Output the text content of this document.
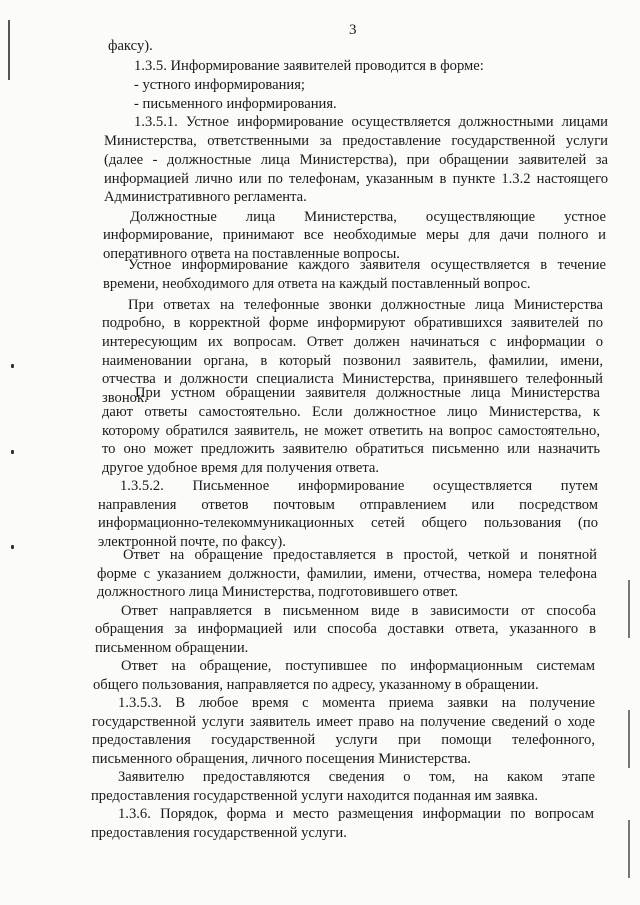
3
факсу).
1.3.5. Информирование заявителей проводится в форме:
- устного информирования;
- письменного информирования.
1.3.5.1. Устное информирование осуществляется должностными лицами
Министерства, ответственными за предоставление государственной услуги
(далее - должностные лица Министерства), при обращении заявителей за
информацией лично или по телефонам, указанным в пункте 1.3.2 настоящего
Административного регламента.
Должностные лица Министерства, осуществляющие устное
информирование, принимают все необходимые меры для дачи полного и
оперативного ответа на поставленные вопросы.
Устное информирование каждого заявителя осуществляется в течение
времени, необходимого для ответа на каждый поставленный вопрос.
При ответах на телефонные звонки должностные лица Министерства
подробно, в корректной форме информируют обратившихся заявителей по
интересующим их вопросам. Ответ должен начинаться с информации о
наименовании органа, в который позвонил заявитель, фамилии, имени,
отчества и должности специалиста Министерства, принявшего телефонный
звонок.
При устном обращении заявителя должностные лица Министерства
дают ответы самостоятельно. Если должностное лицо Министерства, к
которому обратился заявитель, не может ответить на вопрос самостоятельно,
то оно может предложить заявителю обратиться письменно или назначить
другое удобное время для получения ответа.
1.3.5.2. Письменное информирование осуществляется путем
направления ответов почтовым отправлением или посредством
информационно-телекоммуникационных сетей общего пользования (по
электронной почте, по факсу).
Ответ на обращение предоставляется в простой, четкой и понятной
форме с указанием должности, фамилии, имени, отчества, номера телефона
должностного лица Министерства, подготовившего ответ.
Ответ направляется в письменном виде в зависимости от способа
обращения за информацией или способа доставки ответа, указанного в
письменном обращении.
Ответ на обращение, поступившее по информационным системам
общего пользования, направляется по адресу, указанному в обращении.
1.3.5.3. В любое время с момента приема заявки на получение
государственной услуги заявитель имеет право на получение сведений о ходе
предоставления государственной услуги при помощи телефонного,
письменного обращения, личного посещения Министерства.
Заявителю предоставляются сведения о том, на каком этапе
предоставления государственной услуги находится поданная им заявка.
1.3.6. Порядок, форма и место размещения информации по вопросам
предоставления государственной услуги.
